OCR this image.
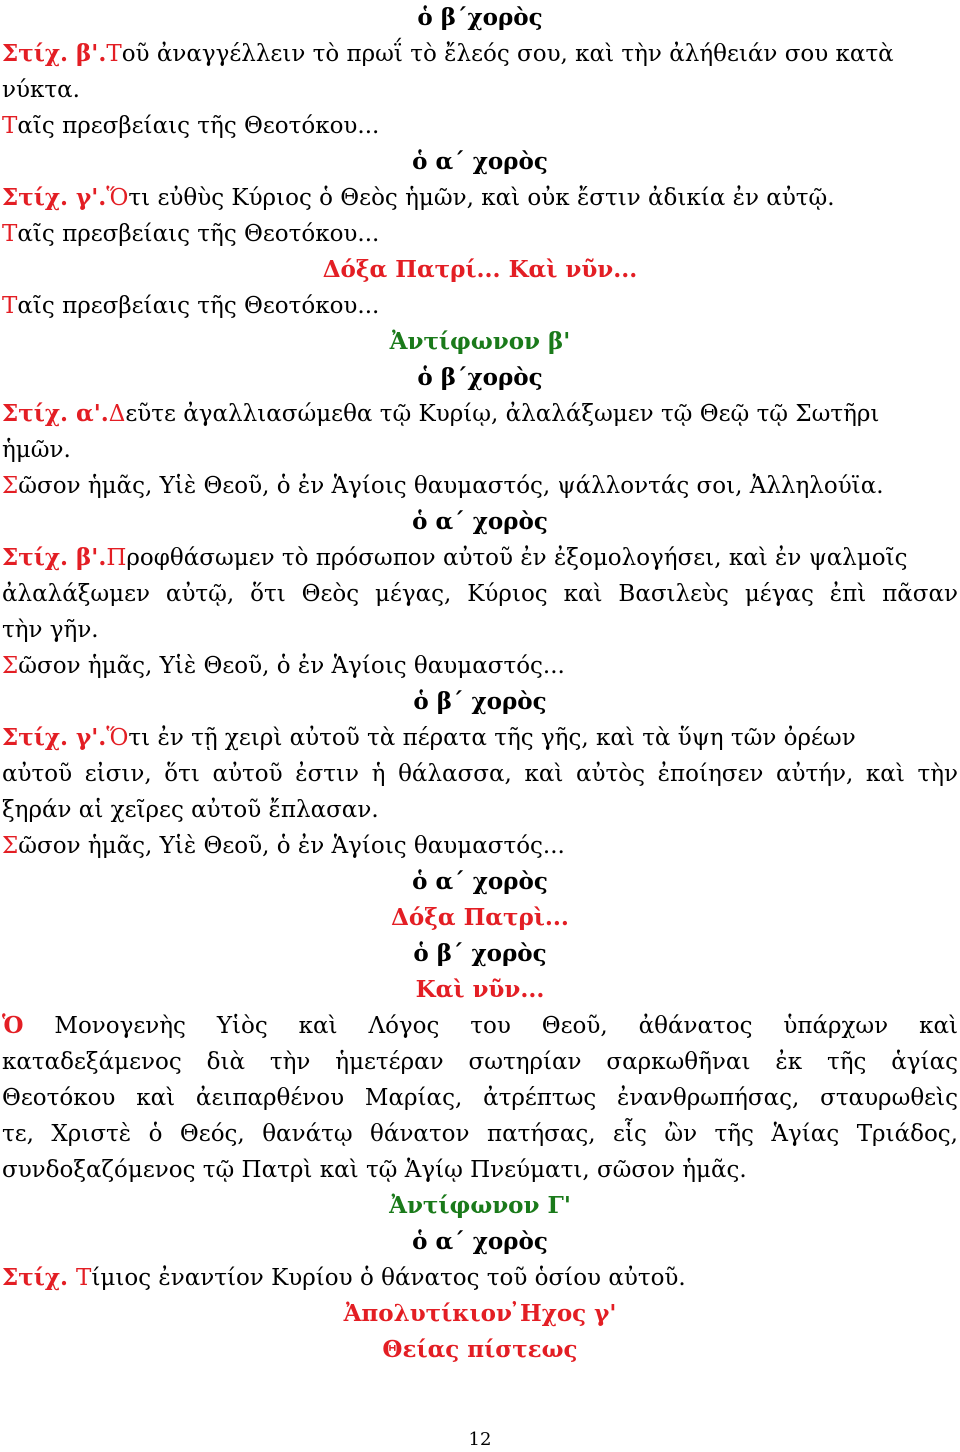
ὁ β΄χορὸς
Στίχ. β'.Τοῦ ἀναγγέλλειν τὸ πρωΐ τὸ ἔλεός σου, καὶ τὴν ἀλήθειάν σου κατὰ
νύκτα.
Ταῖς πρεσβείαις τῆς Θεοτόκου...
ὁ α΄ χορὸς
Στίχ. γ'.Ὅτι εὐθὺς Κύριος ὁ Θεὸς ἡμῶν, καὶ οὐκ ἔστιν ἀδικία ἐν αὐτῷ.
Ταῖς πρεσβείαις τῆς Θεοτόκου...
Δόξα Πατρί... Καὶ νῦν...
Ταῖς πρεσβείαις τῆς Θεοτόκου...
Ἀντίφωνον β'
ὁ β΄χορὸς
Στίχ. α'.Δεῦτε ἀγαλλιασώμεθα τῷ Κυρίῳ, ἀλαλάξωμεν τῷ Θεῷ τῷ Σωτῆρι
ἡμῶν.
Σῶσον ἡμᾶς, Υἱὲ Θεοῦ, ὁ ἐν Ἁγίοις θαυμαστός, ψάλλοντάς σοι, Ἀλληλούϊα.
ὁ α΄ χορὸς
Στίχ. β'.Προφθάσωμεν τὸ πρόσωπον αὐτοῦ ἐν ἐξομολογήσει, καὶ ἐν ψαλμοῖς
ἀλαλάξωμεν αὐτῷ, ὅτι Θεὸς μέγας, Κύριος καὶ Βασιλεὺς μέγας ἐπὶ πᾶσαν
τὴν γῆν.
Σῶσον ἡμᾶς, Υἱὲ Θεοῦ, ὁ ἐν Ἁγίοις θαυμαστός...
ὁ β΄ χορὸς
Στίχ. γ'.Ὅτι ἐν τῇ χειρὶ αὐτοῦ τὰ πέρατα τῆς γῆς, καὶ τὰ ὕψη τῶν ὀρέων
αὐτοῦ εἰσιν, ὅτι αὐτοῦ ἐστιν ἡ θάλασσα, καὶ αὐτὸς ἐποίησεν αὐτήν, καὶ τὴν
ξηράν αἱ χεῖρες αὐτοῦ ἔπλασαν.
Σῶσον ἡμᾶς, Υἱὲ Θεοῦ, ὁ ἐν Ἁγίοις θαυμαστός...
ὁ α΄ χορὸς
Δόξα Πατρὶ...
ὁ β΄ χορὸς
Καὶ νῦν...
Ὁ Μονογενὴς Υἱὸς καὶ Λόγος του Θεοῦ, ἀθάνατος ὑπάρχων καὶ
καταδεξάμενος διὰ τὴν ἡμετέραν σωτηρίαν σαρκωθῆναι ἐκ τῆς ἁγίας
Θεοτόκου καὶ ἀειπαρθένου Μαρίας, ἀτρέπτως ἐνανθρωπήσας, σταυρωθεὶς
τε, Χριστὲ ὁ Θεός, θανάτῳ θάνατον πατήσας, εἷς ὢν τῆς Ἁγίας Τριάδος,
συνδοξαζόμενος τῷ Πατρὶ καὶ τῷ Ἁγίῳ Πνεύματι, σῶσον ἡμᾶς.
Ἀντίφωνον Γ'
ὁ α΄ χορὸς
Στίχ. Τίμιος ἐναντίον Κυρίου ὁ θάνατος τοῦ ὁσίου αὐτοῦ.
Ἀπολυτίκιον ̓Ηχος γ'
Θείας πίστεως
12
